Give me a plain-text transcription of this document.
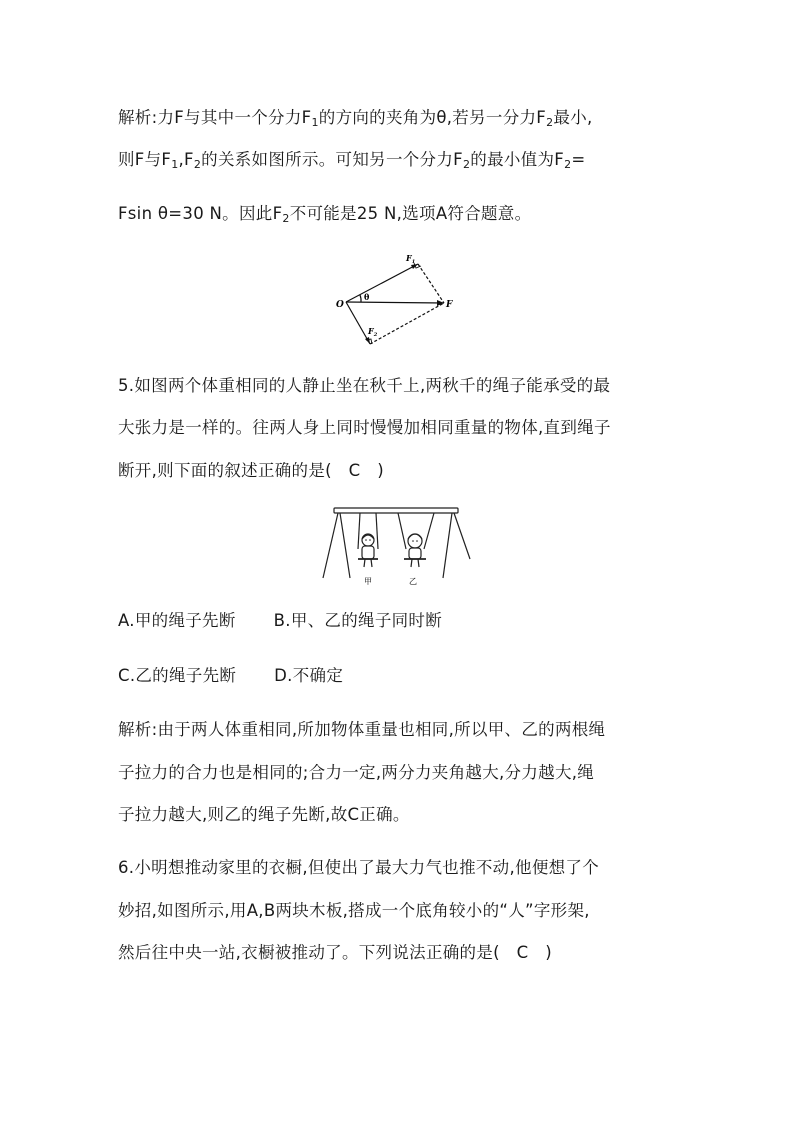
解析:力F与其中一个分力$F_1$的方向的夹角为θ,若另一分力$F_2$最小,
则F与$F_1,F_2$的关系如图所示。可知另一个分力$F_2$的最小值为$F_2=$
Fsin θ=30 N。因此$F_2$不可能是25 N,选项A符合题意。
O
θ
F
$F_1$
$F_2$
5.如图两个体重相同的人静止坐在秋千上,两秋千的绳子能承受的最
大张力是一样的。往两人身上同时慢慢加相同重量的物体,直到绳子
断开,则下面的叙述正确的是( C )
甲	乙
A.甲的绳子先断 B.甲、乙的绳子同时断
C.乙的绳子先断 D.不确定
解析:由于两人体重相同,所加物体重量也相同,所以甲、乙的两根绳
子拉力的合力也是相同的;合力一定,两分力夹角越大,分力越大,绳
子拉力越大,则乙的绳子先断,故C正确。
6.小明想推动家里的衣橱,但使出了最大力气也推不动,他便想了个
妙招,如图所示,用A,B两块木板,搭成一个底角较小的“人”字形架,
然后往中央一站,衣橱被推动了。下列说法正确的是( C )
